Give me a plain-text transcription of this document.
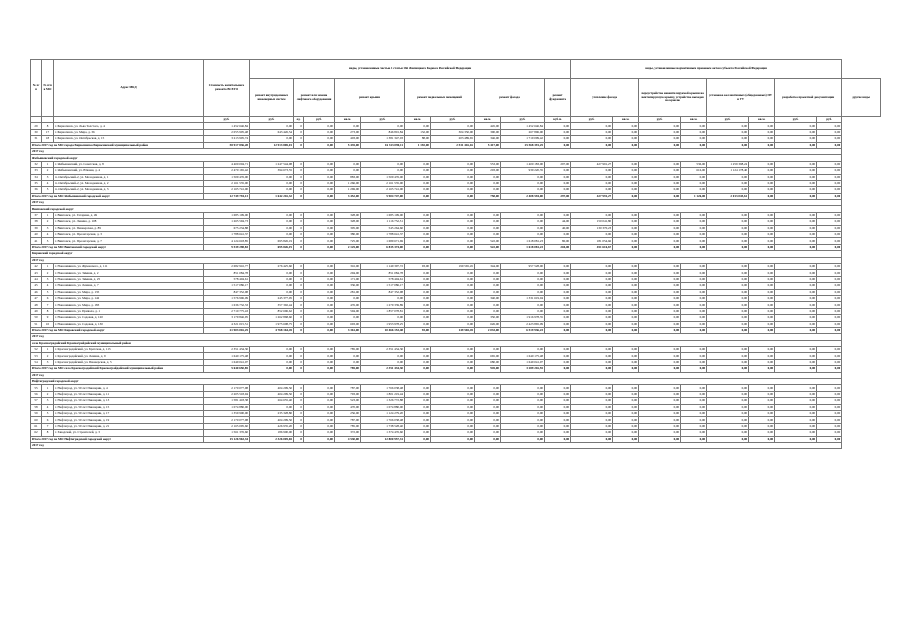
№ п/п	№ п/п в МО	Адрес МКД	Стоимость капитального ремонта ВСЕГО	виды, установленные частью 1 статьи 166 Жилищного Кодекса Российской Федерации										виды, установленные нормативным правовым актом субъекта Российской Федерации								
				ремонт внутридомовых инженерных систем	ремонт или замена лифтового оборудования		ремонт крыши		ремонт подвальных помещений		ремонт фасада		ремонт фундамента	утепление фасада		переустройство невентилируемой крыши на вентилируемую крышу, устройство выходов на кровлю		установка коллективных (общедомовых) ПУ и УУ		разработка проектной документации		другие виды
			руб.	руб.	ед.	руб.	кв.м.	руб.	кв.м.	руб.	кв.м.	руб.	куб.м.	руб.	кв.м.	руб.	кв.м.	руб.	кв.м.	руб.	руб.	
29	8	г. Бирюсинск, ул. Льва Толстого, д. 4	1 452 646,84	0,00	0	0,00	0,00	0,00	0,00	0,00	445,00	1 452 646,84	0,00	0,00	0,00	0,00	0,00	0,00	0,00	0,00	0,00	
30	17	г. Бирюсинск, ул. Мира, д. 36	2 055 905,48	643 426,54	0	0,00	273,00	846 801,84	132,00	304 350,00	390,00	267 896,00	0,00	0,00	0,00	0,00	0,00	0,00	0,00	0,00	0,00	
31	18	г. Бирюсинск, ул. Октябрьская, д. 15	3 213 905,74	0,00	0	0,00	403,00	1 381 347,03	88,00	203 489,65	346,00	1 719 099,42	0,00	0,00	0,00	0,00	0,00	0,00	0,00	0,00	0,00	
Итого 2017 год по МО города Бирюсинска Бирюсинский муниципальный район			58 917 836,28	12 913 869,01	0	0,00	5 435,00	16 313 090,11	1 192,00	2 531 416,16	5 417,00	25 568 391,25	0,00	0,00	0,00	0,00	0,00	0,00	0,00	0,00	0,00	
2017 год																						
Ямбышевский городской округ																						
32	1	г. Ямбышевский, ул. Советская, д. 8	4 400 004,71	1 247 544,98	0	0,00	0,00	0,00	0,00	0,00	553,00	1 400 183,00	297,00	427 991,27	0,00	0,00	536,00	1 259 398,24	0,00	0,00	0,00	
33	2	г. Ямбышевский, ул. Южная, д. 4	2 470 165,42	394 673,55	0	0,00	0,00	0,00	0,00	0,00	203,00	939 220,35	0,00	0,00	0,00	0,00	616,00	1 124 178,40	0,00	0,00	0,00	
34	3	п. Октябрьский-2, ул. Молодежная, д. 1	1 509 476,00	0,00	0	0,00	883,00	1 509 476,00	0,00	0,00	0,00	0,00	0,00	0,00	0,00	0,00	0,00	0,00	0,00	0,00	0,00	
35	4	п. Октябрьский-2, ул. Молодежная, д. 2	2 161 535,00	0,00	0	0,00	1 266,00	2 161 535,00	0,00	0,00	0,00	0,00	0,00	0,00	0,00	0,00	0,00	0,00	0,00	0,00	0,00	
36	5	п. Октябрьский-2, ул. Молодежная, д. 3	2 165 741,00	0,00	0	0,00	1 269,00	2 165 741,00	0,00	0,00	0,00	0,00	0,00	0,00	0,00	0,00	0,00	0,00	0,00	0,00	0,00	
Итого 2017 год по МО Ямбышевский городской округ			12 749 794,13	1 642 216,32	0	0,00	3 452,00	5 904 747,00	0,00	0,00	758,00	2 408 594,00	297,00	427 991,27	0,00	0,00	1 126,00	2 013 045,61	0,00	0,00	0,00	
2017 год																						
Винтовский городской округ																						
37	1	г. Винтовск, ул. Гагарина, д. 49	1 685 109,00	0,00	0	0,00	328,00	1 685 109,00	0,00	0,00	0,00	0,00	0,00	0,00	0,00	0,00	0,00	0,00	0,00	0,00	0,00	
38	2	г. Винтовск, ул. Ленина, д. 108	1 265 594,73	0,00	0	0,00	328,00	1 116 752,31	0,00	0,00	0,00	0,00	44,00	150 041,80	0,00	0,00	0,00	0,00	0,00	0,00	0,00	
39	3	г. Винтовск, ул. Пионерская, д. 89	675 234,88	0,00	0	0,00	305,00	545 264,60	0,00	0,00	0,00	0,00	40,00	130 370,23	0,00	0,00	0,00	0,00	0,00	0,00	0,00	
40	4	г. Винтовск, ул. Пролетарская, д. 3	1 788 641,37	0,00	0	0,00	380,00	1 788 641,37	0,00	0,00	0,00	0,00	0,00	0,00	0,00	0,00	0,00	0,00	0,00	0,00	0,00	
41	5	г. Винтовск, ул. Пролетарская, д. 7	4 124 618,85	695 826,19	0	0,00	725,00	1 689 671,69	0,00	0,00	522,00	1 618 081,23	80,00	181 054,66	0,00	0,00	0,00	0,00	0,00	0,00	0,00	
Итого 2017 год по МО Винтовский городской округ			9 539 298,83	695 826,19	0	0,00	2 125,00	6 835 374,00	0,00	0,00	522,00	1 618 081,23	204,00	451 616,67	0,00	0,00	0,00	0,00	0,00	0,00	0,00	
Кировский городской округ																						
2017 год																						
42	1	г. Новозиминск, ул. Жуковского, д. 111	2 682 916,77	276 425,60	0	0,00	316,00	1 149 397,72	93,00	199 565,45	344,00	957 528,00	0,00	0,00	0,00	0,00	0,00	0,00	0,00	0,00	0,00	
43	2	г. Новозиминск, ул. Зимняя, д. 2	851 084,78	0,00	0	0,00	294,00	851 084,78	0,00	0,00	0,00	0,00	0,00	0,00	0,00	0,00	0,00	0,00	0,00	0,00	0,00	
44	3	г. Новозиминск, ул. Зимняя, д. 25	578 404,61	0,00	0	0,00	171,00	578 404,61	0,00	0,00	0,00	0,00	0,00	0,00	0,00	0,00	0,00	0,00	0,00	0,00	0,00	
45	4	г. Новозиминск, ул. Ленина, д. 7	1 517 086,17	0,00	0	0,00	336,00	1 517 086,17	0,00	0,00	0,00	0,00	0,00	0,00	0,00	0,00	0,00	0,00	0,00	0,00	0,00	
46	5	г. Новозиминск, ул. Мира, д. 135	847 352,98	0,00	0	0,00	281,00	847 352,98	0,00	0,00	0,00	0,00	0,00	0,00	0,00	0,00	0,00	0,00	0,00	0,00	0,00	
47	6	г. Новозиминск, ул. Мира, д. 142	1 576 996,09	245 377,05	0	0,00	0,00	0,00	0,00	0,00	340,00	1 331 619,04	0,00	0,00	0,00	0,00	0,00	0,00	0,00	0,00	0,00	
48	7	г. Новозиминск, ул. Мира, д. 183	1 636 732,33	357 392,44	0	0,00	476,00	1 279 339,89	0,00	0,00	0,00	0,00	0,00	0,00	0,00	0,00	0,00	0,00	0,00	0,00	0,00	
49	8	г. Новозиминск, ул. Привала, д. 1	2 710 775,43	852 696,62	0	0,00	594,00	1 857 078,81	0,00	0,00	0,00	0,00	0,00	0,00	0,00	0,00	0,00	0,00	0,00	0,00	0,00	
50	9	г. Новозиминск, ул. Садовая, д. 120	3 179 846,95	1 262 868,60	0	0,00	0,00	0,00	0,00	0,00	350,00	1 916 978,35	0,00	0,00	0,00	0,00	0,00	0,00	0,00	0,00	0,00	
51	10	г. Новозиминск, ул. Садовая, д. 130	4 321 015,51	1 975 608,75	0	0,00	693,00	1 953 978,25	0,00	0,00	626,00	2 423 865,09	0,00	0,00	0,00	0,00	0,00	0,00	0,00	0,00	0,00	
Итого 2017 год по МО Кировский городской округ			21 903 016,25	4 768 164,45	0	0,00	3 361,00	10 466 153,48	93,00	149 565,45	2 033,00	6 519 936,23	0,00	0,00	0,00	0,00	0,00	0,00	0,00	0,00	0,00	
2017 год																						
село Красноградайский Краснограйдайский муниципальный район																						
52	1	г. Красноградайский, ул. Братская, д. 113	2 351 434,30	0,00	0	0,00	785,00	2 351 434,30	0,00	0,00	0,00	0,00	0,00	0,00	0,00	0,00	0,00	0,00	0,00	0,00	0,00	
53	2	г. Красноградайский, ул. Ленина, д. 9	1 640 175,48	0,00	0	0,00	0,00	0,00	0,00	0,00	665,00	1 640 175,48	0,00	0,00	0,00	0,00	0,00	0,00	0,00	0,00	0,00	
54	3	г. Красноградайский, ул. Пионерская, д. 5	1 649 041,07	0,00	0	0,00	0,00	0,00	0,00	0,00	680,00	1 649 041,07	0,00	0,00	0,00	0,00	0,00	0,00	0,00	0,00	0,00	
Итого 2017 год по МО село Красноградайский Краснограйдайский муниципальный район			5 640 650,85	0,00	0	0,00	785,00	2 351 434,30	0,00	0,00	945,00	3 289 216,55	0,00	0,00	0,00	0,00	0,00	0,00	0,00	0,00	0,00	
2017 год																						
Нефтеградский городской округ																						
55	1	г. Нефтеград, ул. 50 лет Пионерии, д. 4	2 170 077,98	404 299,50	0	0,00	787,00	1 766 038,48	0,00	0,00	0,00	0,00	0,00	0,00	0,00	0,00	0,00	0,00	0,00	0,00	0,00	
56	2	г. Нефтеград, ул. 50 лет Пионерии, д. 11	2 205 518,94	404 299,50	0	0,00	793,00	1 801 219,44	0,00	0,00	0,00	0,00	0,00	0,00	0,00	0,00	0,00	0,00	0,00	0,00	0,00	
57	3	г. Нефтеград, ул. 50 лет Пионерии, д. 13	1 581 418,38	264 655,40	0	0,00	523,00	1 326 772,88	0,00	0,00	0,00	0,00	0,00	0,00	0,00	0,00	0,00	0,00	0,00	0,00	0,00	
58	4	г. Нефтеград, ул. 50 лет Пионерии, д. 15	1 074 880,00	0,00	0	0,00	470,00	1 074 880,00	0,00	0,00	0,00	0,00	0,00	0,00	0,00	0,00	0,00	0,00	0,00	0,00	0,00	
59	5	г. Нефтеград, ул. 50 лет Пионерии, д. 17	1 359 900,00	235 328,80	0	0,00	256,00	1 124 279,20	0,00	0,00	0,00	0,00	0,00	0,00	0,00	0,00	0,00	0,00	0,00	0,00	0,00	
60	6	г. Нефтеград, ул. 50 лет Пионерии, д. 19	2 170 077,98	404 299,50	0	0,00	787,00	1 766 038,48	0,00	0,00	0,00	0,00	0,00	0,00	0,00	0,00	0,00	0,00	0,00	0,00	0,00	
61	7	г. Нефтеград, ул. 50 лет Пионерии, д. 21	2 165 095,60	426 935,20	0	0,00	785,00	1 738 528,40	0,00	0,00	0,00	0,00	0,00	0,00	0,00	0,00	0,00	0,00	0,00	0,00	0,00	
62	8	г. Заводской, ул. Строителей, д. 3	1 561 376,60	186 900,00	0	0,00	372,00	1 374 476,60	0,00	0,00	0,00	0,00	0,00	0,00	0,00	0,00	0,00	0,00	0,00	0,00	0,00	
Итого 2017 год по МО Нефтеградский городской округ			15 126 963,34	2 326 005,65	0	0,00	4 530,00	12 800 957,31	0,00	0,00	0,00	0,00	0,00	0,00	0,00	0,00	0,00	0,00	0,00	0,00	0,00	
2017 год																						
